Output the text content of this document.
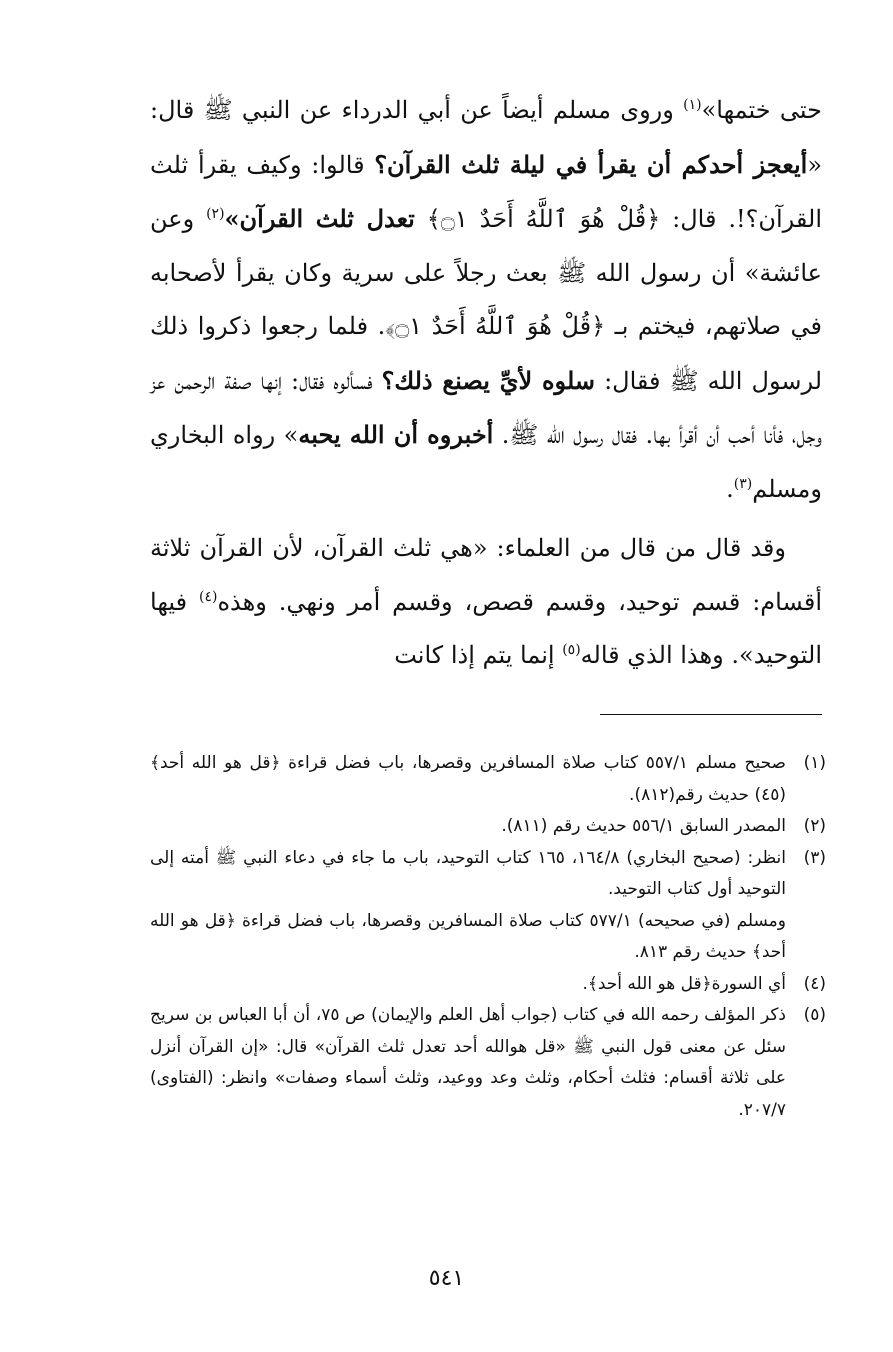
حتى ختمها»$^{(١)}$ وروى مسلم أيضاً عن أبي الدرداء عن النبي ﷺ قال: «أيعجز أحدكم أن يقرأ في ليلة ثلث القرآن؟ قالوا: وكيف يقرأ ثلث القرآن؟!. قال: ﴿قُلْ هُوَ ٱللَّهُ أَحَدٌ ۝١﴾ تعدل ثلث القرآن»$^{(٢)}$ وعن عائشة» أن رسول الله ﷺ بعث رجلاً على سرية وكان يقرأ لأصحابه في صلاتهم، فيختم بـ ﴿قُلْ هُوَ ٱللَّهُ أَحَدٌ ۝١﴾. فلما رجعوا ذكروا ذلك لرسول الله ﷺ فقال: سلوه لأيِّ يصنع ذلك؟ فسألوه فقال: إنها صفة الرحمن عز وجل، فأنا أحب أن أقرأ بها. فقال رسول الله ﷺ. أخبروه أن الله يحبه» رواه البخاري ومسلم$^{(٣)}$.

وقد قال من قال من العلماء: «هي ثلث القرآن، لأن القرآن ثلاثة أقسام: قسم توحيد، وقسم قصص، وقسم أمر ونهي. وهذه$^{(٤)}$ فيها التوحيد». وهذا الذي قاله$^{(٥)}$ إنما يتم إذا كانت

(١)
صحيح مسلم ٥٥٧/١ كتاب صلاة المسافرين وقصرها، باب فضل قراءة ﴿قل هو الله أحد﴾(٤٥) حديث رقم(٨١٢).
(٢)
المصدر السابق ٥٥٦/١ حديث رقم (٨١١).
(٣)
انظر: (صحيح البخاري) ١٦٤/٨، ١٦٥ كتاب التوحيد، باب ما جاء في دعاء النبي ﷺ أمته إلى التوحيد أول كتاب التوحيد.
ومسلم (في صحيحه) ٥٧٧/١ كتاب صلاة المسافرين وقصرها، باب فضل قراءة ﴿قل هو الله أحد﴾ حديث رقم ٨١٣.
(٤)
أي السورة﴿قل هو الله أحد﴾.
(٥)
ذكر المؤلف رحمه الله في كتاب (جواب أهل العلم والإيمان) ص ٧٥، أن أبا العباس بن سريج سئل عن معنى قول النبي ﷺ «قل هوالله أحد تعدل ثلث القرآن» قال: «إن القرآن أنزل على ثلاثة أقسام: فثلث أحكام، وثلث وعد ووعيد، وثلث أسماء وصفات» وانظر: (الفتاوى) ٢٠٧/٧.
٥٤١
